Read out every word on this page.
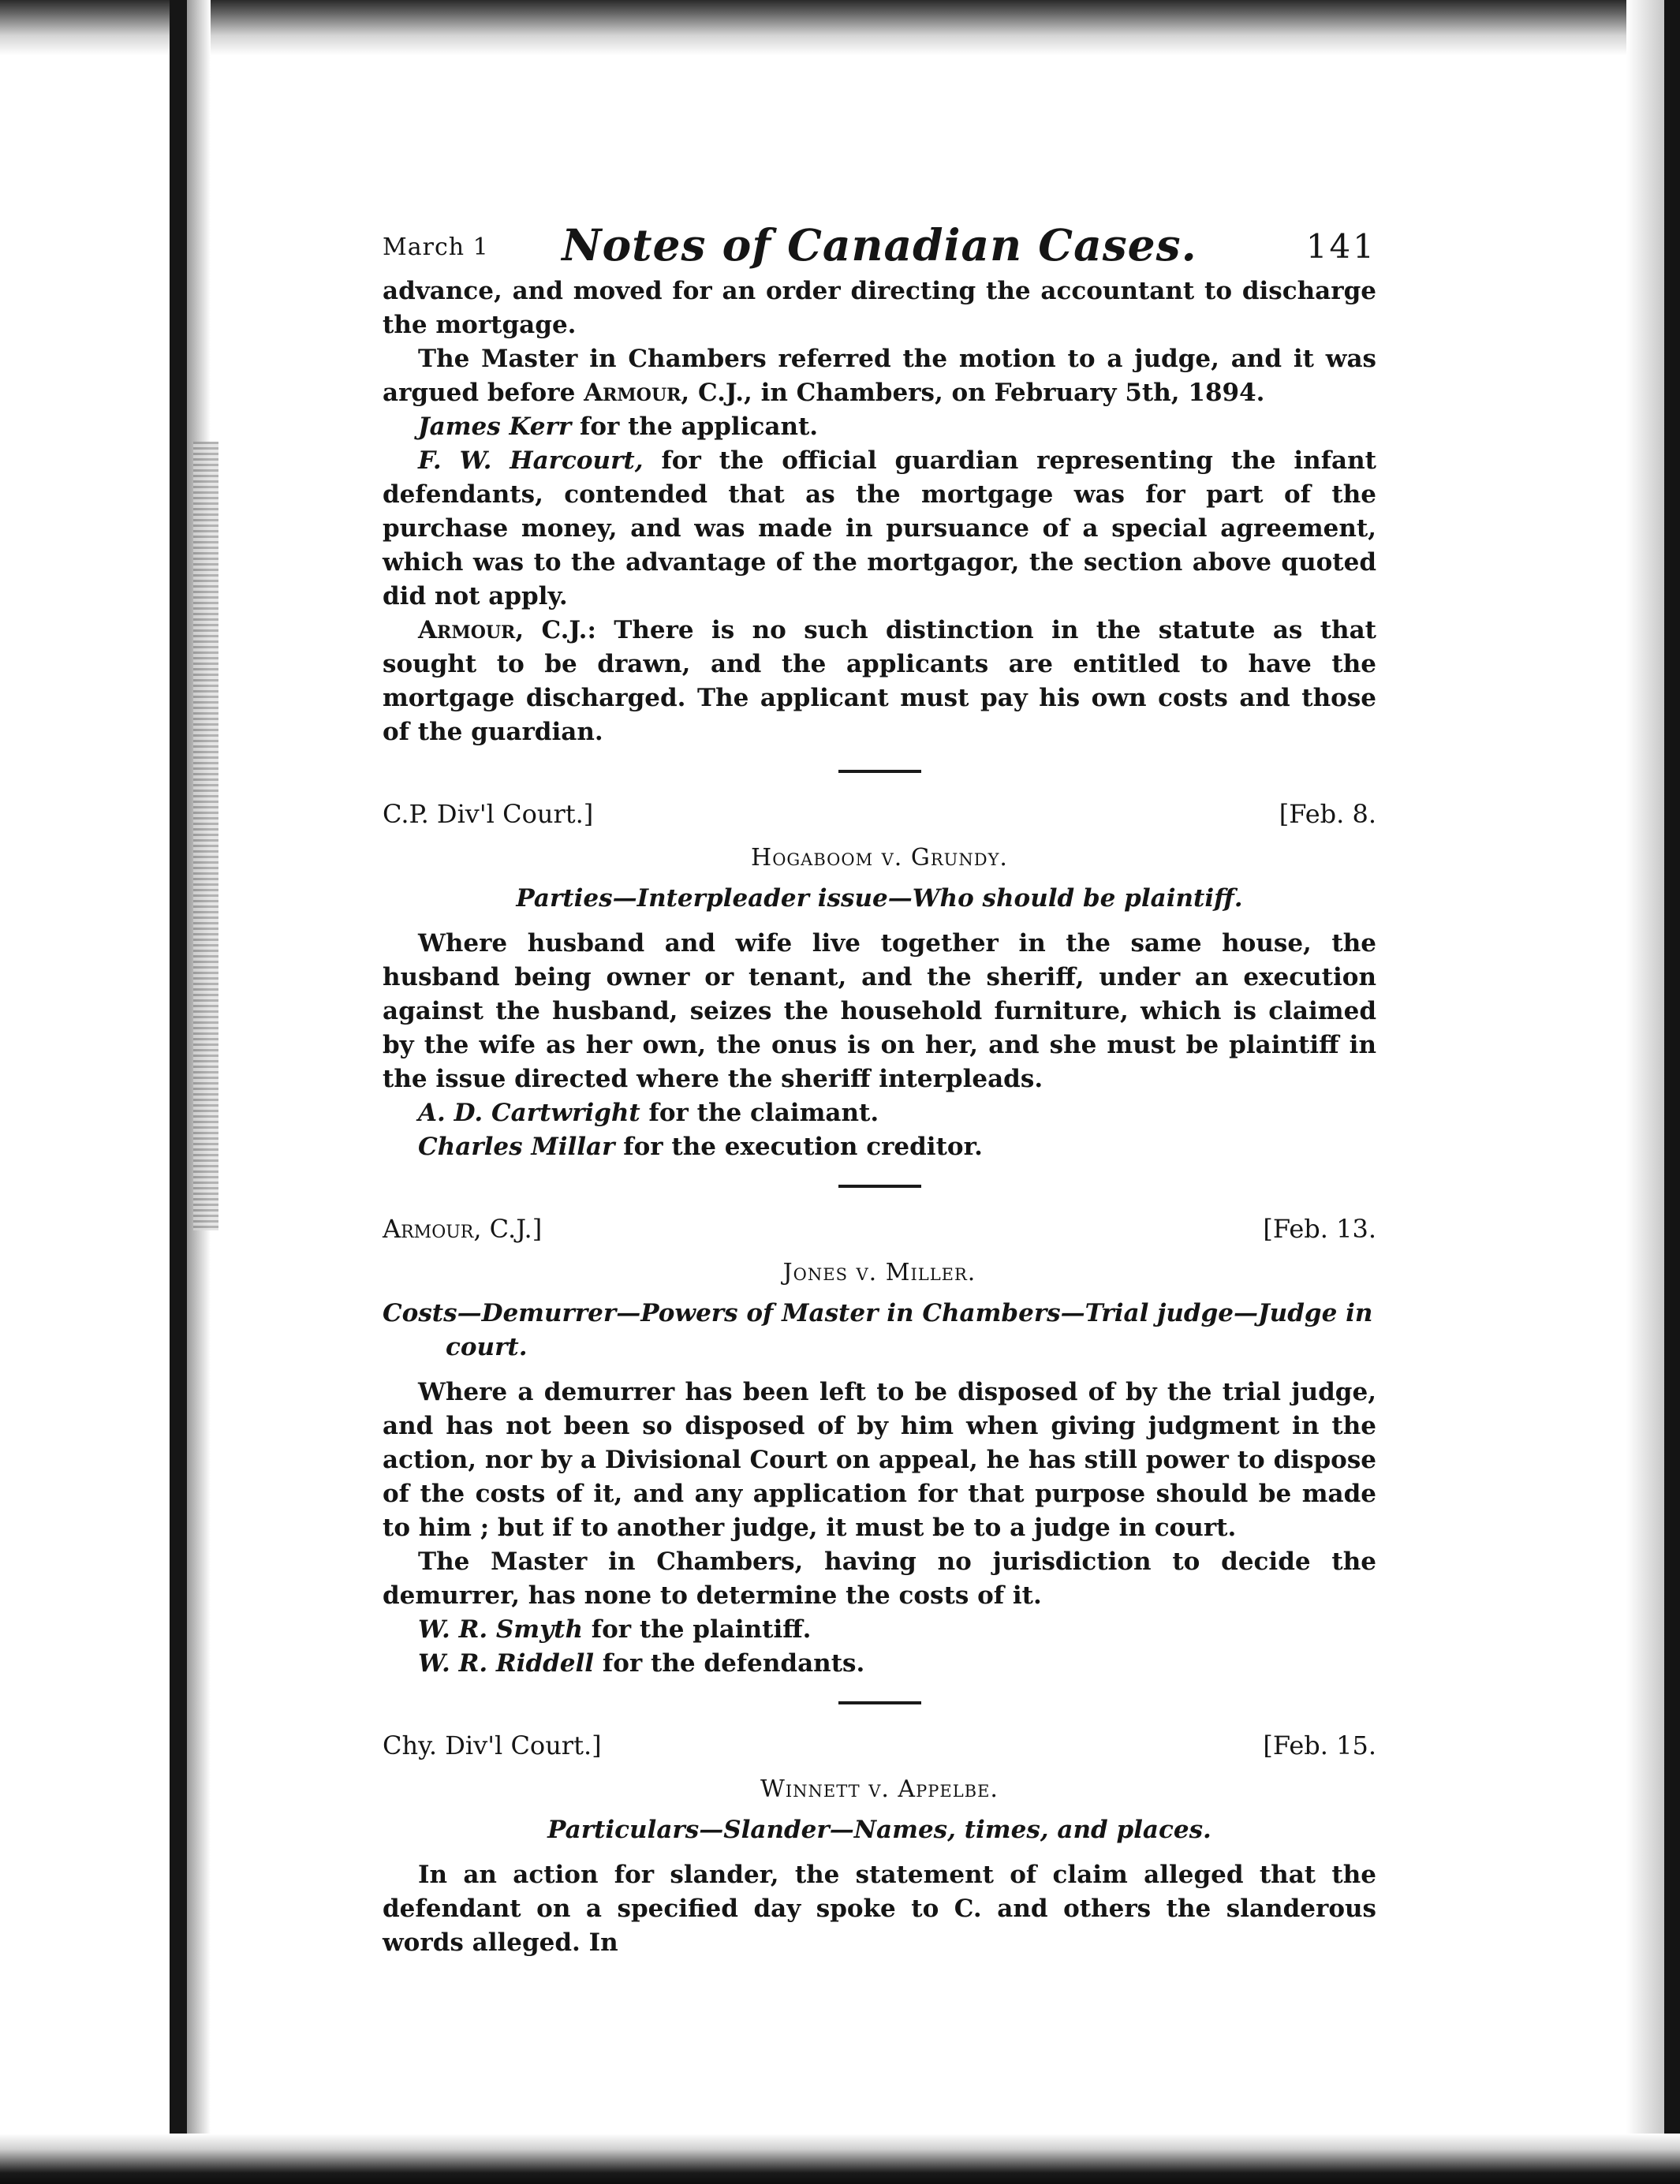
March 1	Notes of Canadian Cases.	141

advance, and moved for an order directing the accountant to discharge the mortgage.

The Master in Chambers referred the motion to a judge, and it was argued before Armour, C.J., in Chambers, on February 5th, 1894.

James Kerr for the applicant.

F. W. Harcourt, for the official guardian representing the infant defendants, contended that as the mortgage was for part of the purchase money, and was made in pursuance of a special agreement, which was to the advantage of the mortgagor, the section above quoted did not apply.

Armour, C.J.: There is no such distinction in the statute as that sought to be drawn, and the applicants are entitled to have the mortgage discharged. The applicant must pay his own costs and those of the guardian.

C.P. Div'l Court.]	[Feb. 8.
Hogaboom v. Grundy.
Parties—Interpleader issue—Who should be plaintiff.

Where husband and wife live together in the same house, the husband being owner or tenant, and the sheriff, under an execution against the husband, seizes the household furniture, which is claimed by the wife as her own, the onus is on her, and she must be plaintiff in the issue directed where the sheriff interpleads.

A. D. Cartwright for the claimant.

Charles Millar for the execution creditor.

Armour, C.J.]	[Feb. 13.
Jones v. Miller.
Costs—Demurrer—Powers of Master in Chambers—Trial judge—Judge in court.

Where a demurrer has been left to be disposed of by the trial judge, and has not been so disposed of by him when giving judgment in the action, nor by a Divisional Court on appeal, he has still power to dispose of the costs of it, and any application for that purpose should be made to him ; but if to another judge, it must be to a judge in court.

The Master in Chambers, having no jurisdiction to decide the demurrer, has none to determine the costs of it.

W. R. Smyth for the plaintiff.

W. R. Riddell for the defendants.

Chy. Div'l Court.]	[Feb. 15.
Winnett v. Appelbe.
Particulars—Slander—Names, times, and places.

In an action for slander, the statement of claim alleged that the defendant on a specified day spoke to C. and others the slanderous words alleged. In
